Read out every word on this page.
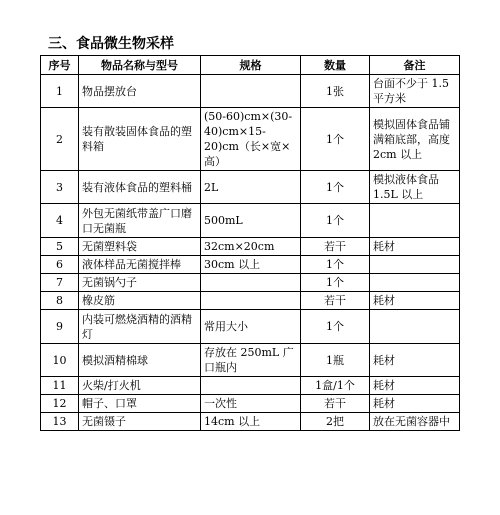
三、食品微生物采样
序号	物品名称与型号	规格	数量	备注
1	物品摆放台		1张	台面不少于 1.5 平方米
2	装有散装固体食品的塑料箱	(50-60)cm×(30-40)cm×15-20)cm（长×宽×高）	1个	模拟固体食品铺满箱底部，高度 2cm 以上
3	装有液体食品的塑料桶	2L	1个	模拟液体食品 1.5L 以上
4	外包无菌纸带盖广口磨口无菌瓶	500mL	1个	
5	无菌塑料袋	32cm×20cm	若干	耗材
6	液体样品无菌搅拌棒	30cm 以上	1个	
7	无菌锅勺子		1个	
8	橡皮筋		若干	耗材
9	内装可燃烧酒精的酒精灯	常用大小	1个	
10	模拟酒精棉球	存放在 250mL 广口瓶内	1瓶	耗材
11	火柴/打火机		1盒/1个	耗材
12	帽子、口罩	一次性	若干	耗材
13	无菌镊子	14cm 以上	2把	放在无菌容器中
